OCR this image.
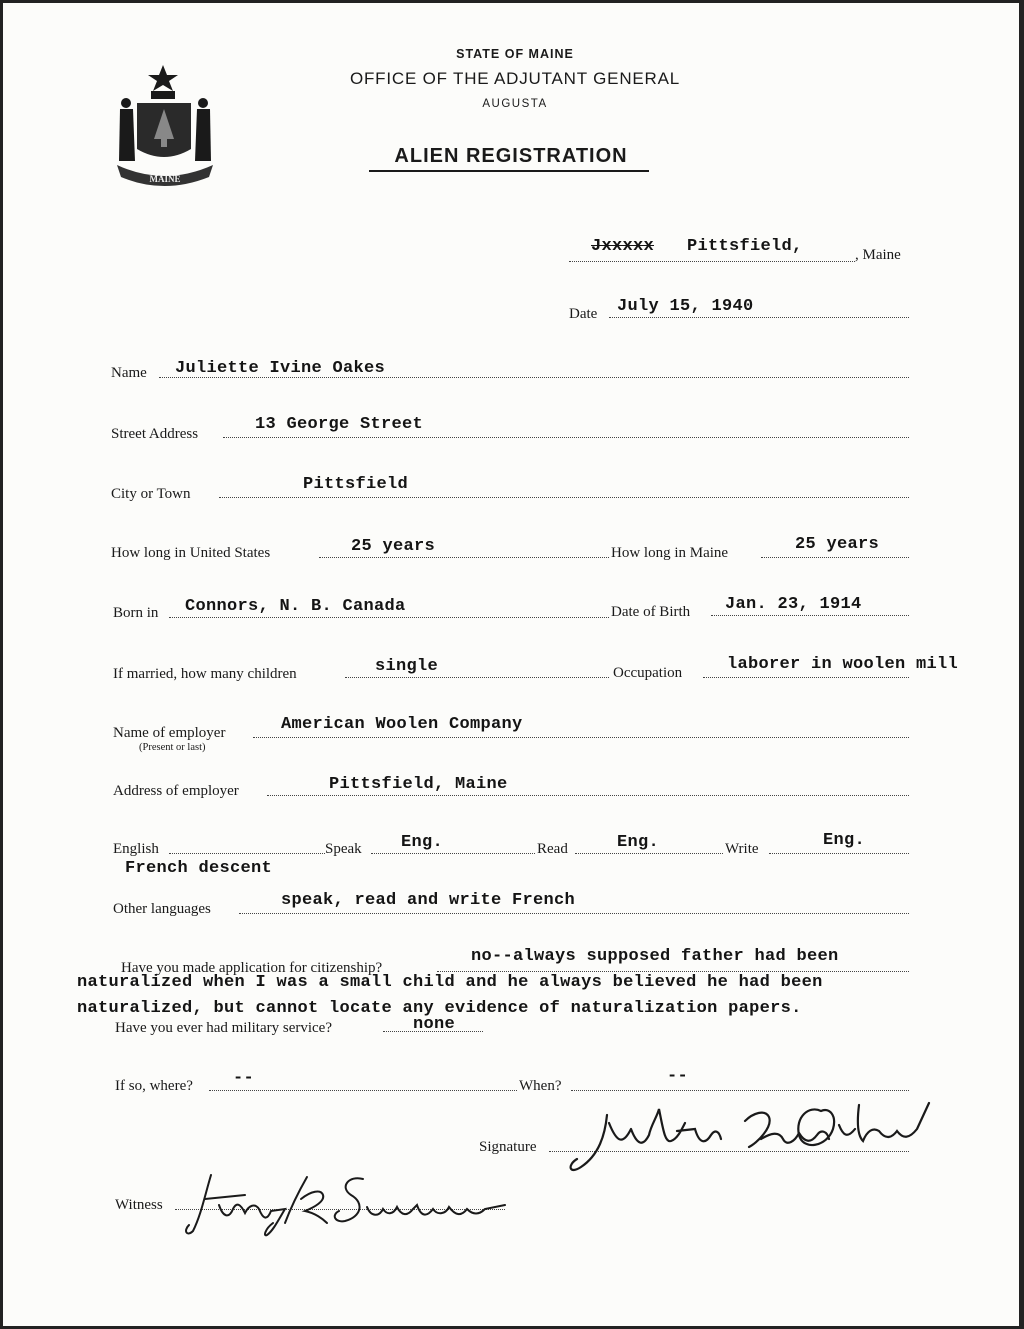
MAINE
STATE OF MAINE
OFFICE OF THE ADJUTANT GENERAL
AUGUSTA
ALIEN REGISTRATION
Jxxxxx Pittsfield,	, Maine
Date July 15, 1940
Name Juliette Ivine Oakes
Street Address	13 George Street
City or Town	Pittsfield
How long in United States	25 years	How long in Maine	25 years
Born in Connors, N. B. Canada	Date of Birth Jan. 23, 1914
If married, how many children	single	Occupation	laborer in woolen mill
Name of employer
(Present or last)
American Woolen Company
Address of employer	Pittsfield, Maine
English	Speak Eng.	Read	Eng.	Write	Eng.
French descent
Other languages	speak, read and write French
no--always supposed father had been
Have you made application for citizenship?
naturalized when I was a small child and he always believed he had been
naturalized, but cannot locate any evidence of naturalization papers.
Have you ever had military service?	none
If so, where? --	When?	--
Signature
Witness
